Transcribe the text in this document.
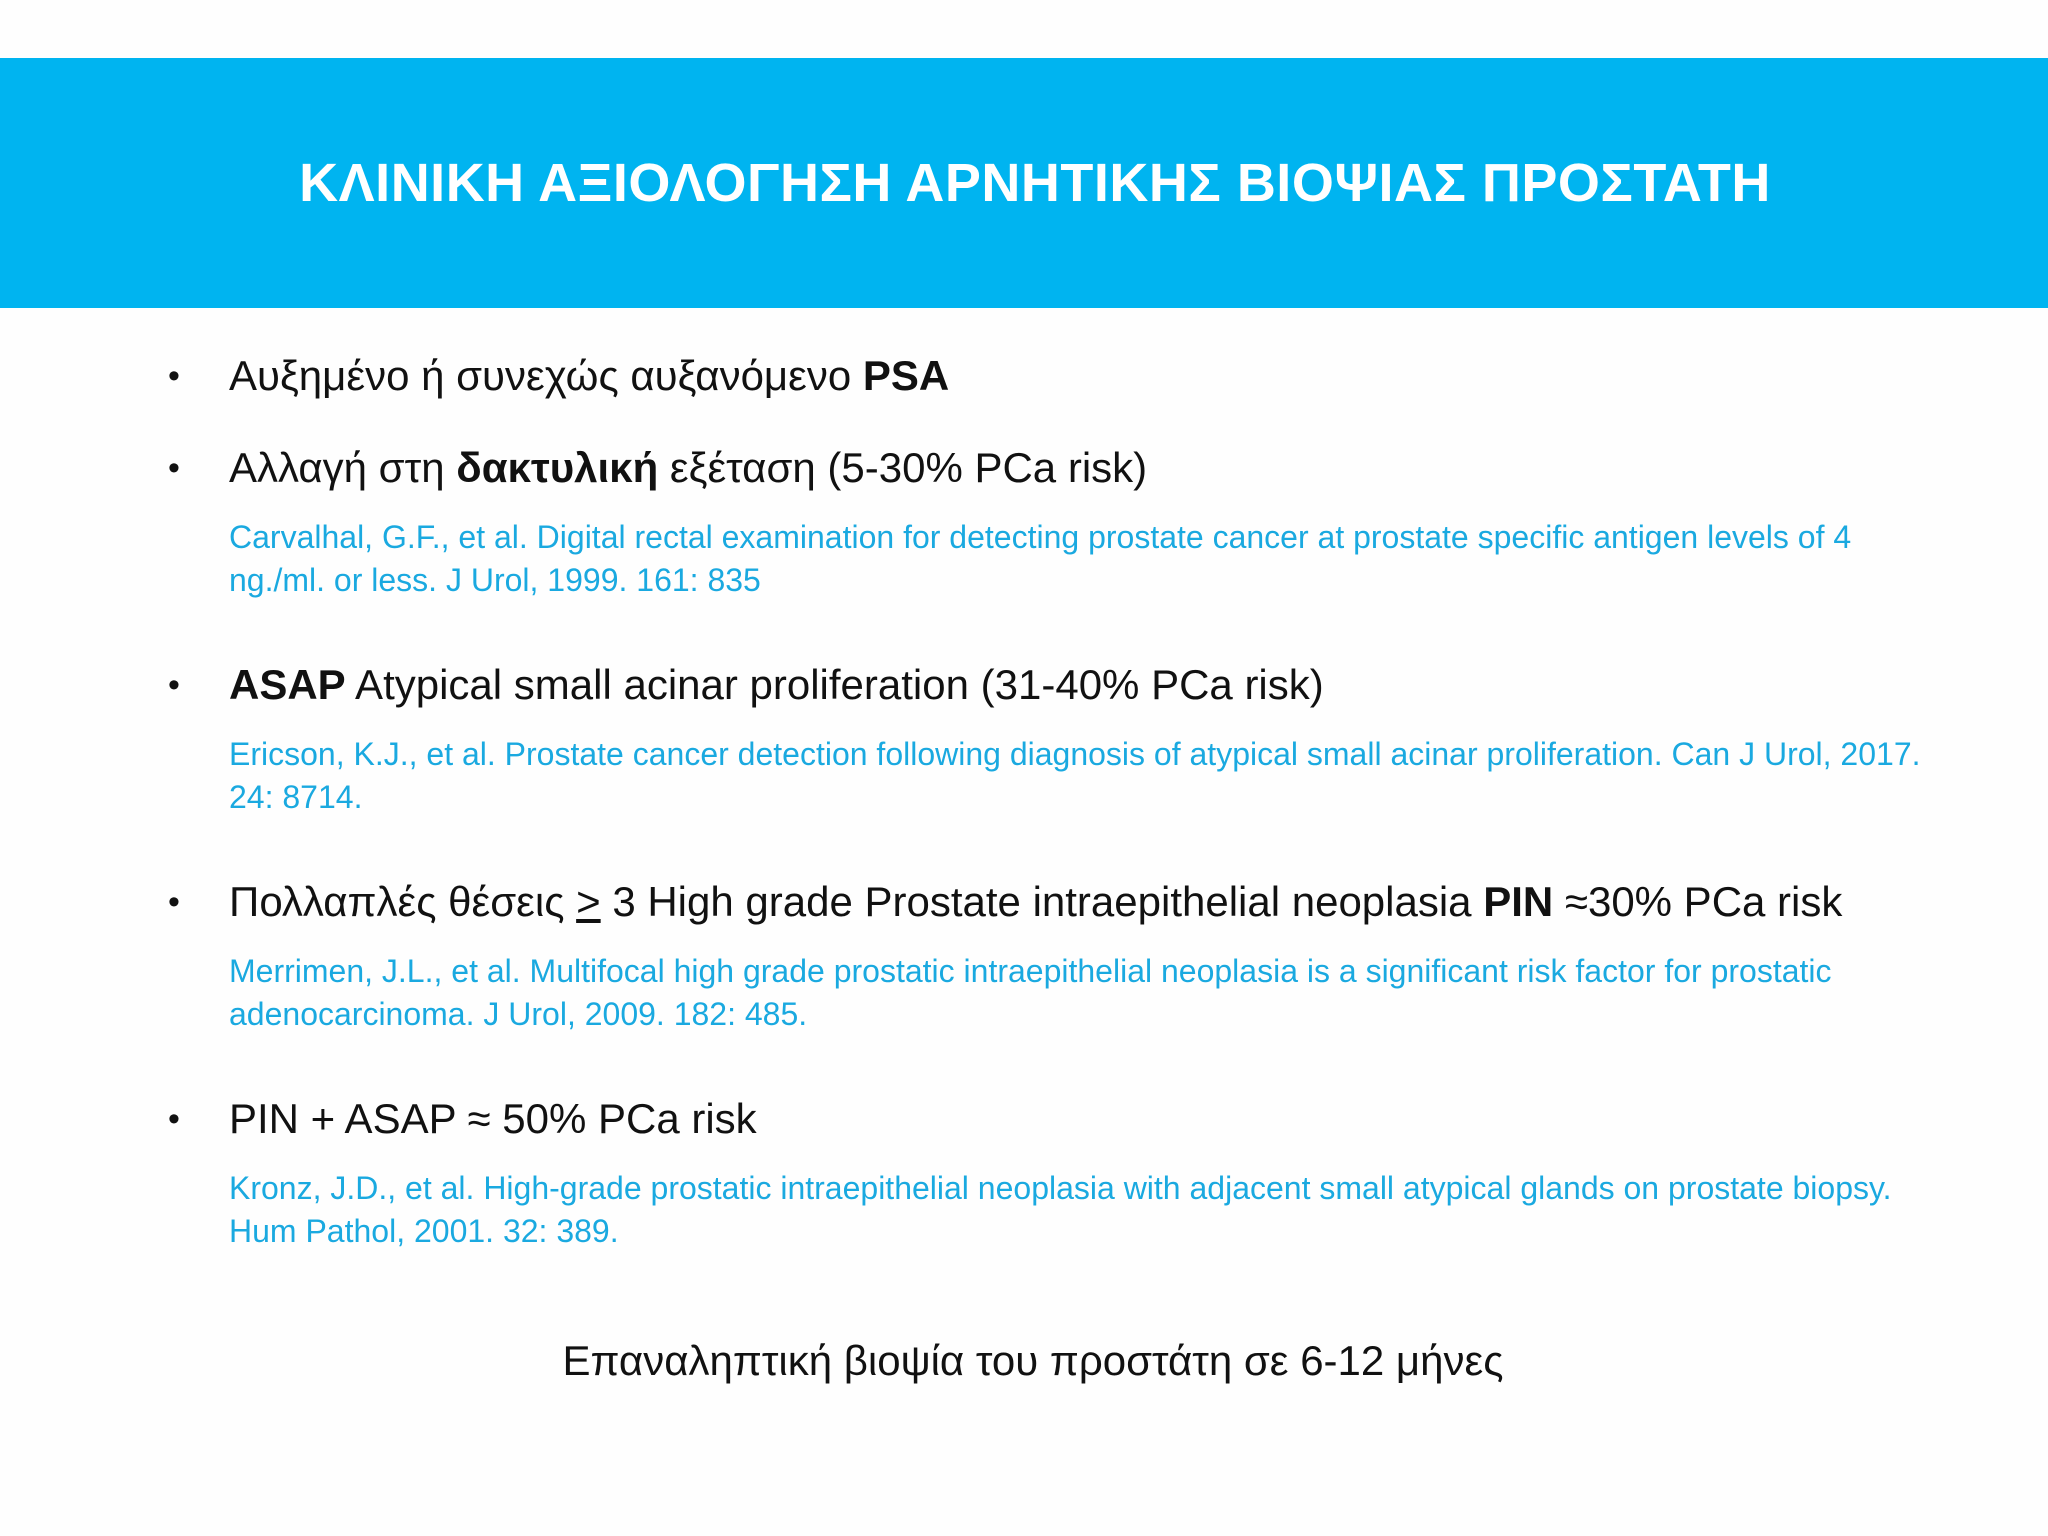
ΚΛΙΝΙΚΗ ΑΞΙΟΛΟΓΗΣΗ ΑΡΝΗΤΙΚΗΣ ΒΙΟΨΙΑΣ ΠΡΟΣΤΑΤΗ
• Αυξημένο ή συνεχώς αυξανόμενο PSA
• Αλλαγή στη δακτυλική εξέταση (5-30% PCa risk)
Carvalhal, G.F., et al. Digital rectal examination for detecting prostate cancer at prostate specific antigen levels of 4 ng./ml. or less. J Urol, 1999. 161: 835
• ASAP Atypical small acinar proliferation (31-40% PCa risk)
Ericson, K.J., et al. Prostate cancer detection following diagnosis of atypical small acinar proliferation. Can J Urol, 2017. 24: 8714.
• Πολλαπλές θέσεις ≥ 3 High grade Prostate intraepithelial neoplasia PIN ≈30% PCa risk
Merrimen, J.L., et al. Multifocal high grade prostatic intraepithelial neoplasia is a significant risk factor for prostatic adenocarcinoma. J Urol, 2009. 182: 485.
• PIN + ASAP ≈ 50% PCa risk
Kronz, J.D., et al. High-grade prostatic intraepithelial neoplasia with adjacent small atypical glands on prostate biopsy. Hum Pathol, 2001. 32: 389.
Επαναληπτική βιοψία του προστάτη σε 6-12 μήνες
